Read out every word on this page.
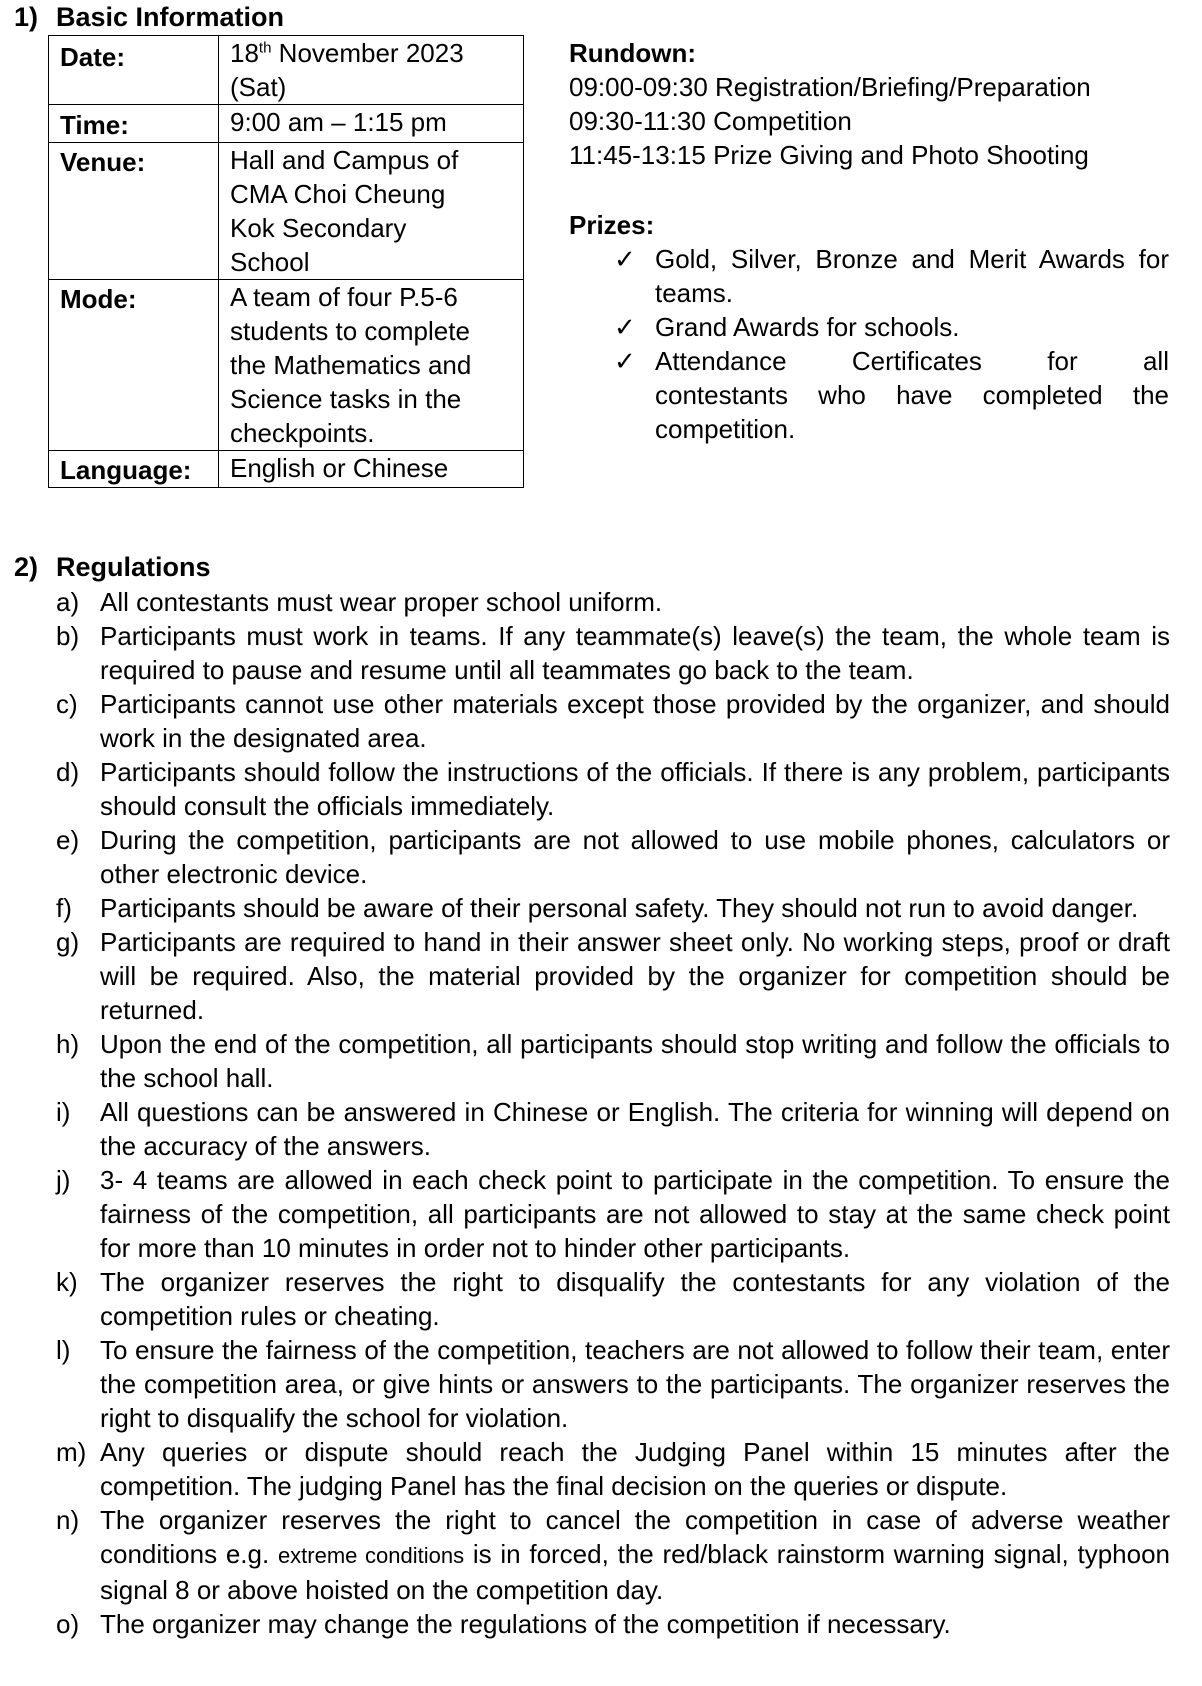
1) Basic Information
Date:	18th November 2023
(Sat)
Time:	9:00 am – 1:15 pm
Venue:	Hall and Campus of
CMA Choi Cheung
Kok Secondary
School

Mode:	A team of four P.5-6
students to complete
the Mathematics and
Science tasks in the
checkpoints.

Language:	English or Chinese
Rundown:
09:00-09:30 Registration/Briefing/Preparation
09:30-11:30 Competition
11:45-13:15 Prize Giving and Photo Shooting
Prizes:
✓ Gold, Silver, Bronze and Merit Awards for teams.
✓ Grand Awards for schools.
✓ Attendance Certificates for all
contestants who have completed the competition.
2) Regulations
a) All contestants must wear proper school uniform.
b) Participants must work in teams. If any teammate(s) leave(s) the team, the whole team is required to pause and resume until all teammates go back to the team.
c) Participants cannot use other materials except those provided by the organizer, and should work in the designated area.
d) Participants should follow the instructions of the officials. If there is any problem, participants should consult the officials immediately.
e) During the competition, participants are not allowed to use mobile phones, calculators or other electronic device.
f)	Participants should be aware of their personal safety. They should not run to avoid danger.
g) Participants are required to hand in their answer sheet only. No working steps, proof or draft will be required. Also, the material provided by the organizer for competition should be returned.
h) Upon the end of the competition, all participants should stop writing and follow the officials to the school hall.
i)	All questions can be answered in Chinese or English. The criteria for winning will depend on the accuracy of the answers.
j)	3- 4 teams are allowed in each check point to participate in the competition. To ensure the fairness of the competition, all participants are not allowed to stay at the same check point for more than 10 minutes in order not to hinder other participants.
k) The organizer reserves the right to disqualify the contestants for any violation of the competition rules or cheating.
l)	To ensure the fairness of the competition, teachers are not allowed to follow their team, enter the competition area, or give hints or answers to the participants. The organizer reserves the right to disqualify the school for violation.
m) Any queries or dispute should reach the Judging Panel within 15 minutes after the competition. The judging Panel has the final decision on the queries or dispute.
n) The organizer reserves the right to cancel the competition in case of adverse weather conditions e.g. extreme conditions is in forced, the red/black rainstorm warning signal, typhoon signal 8 or above hoisted on the competition day.
o) The organizer may change the regulations of the competition if necessary.
